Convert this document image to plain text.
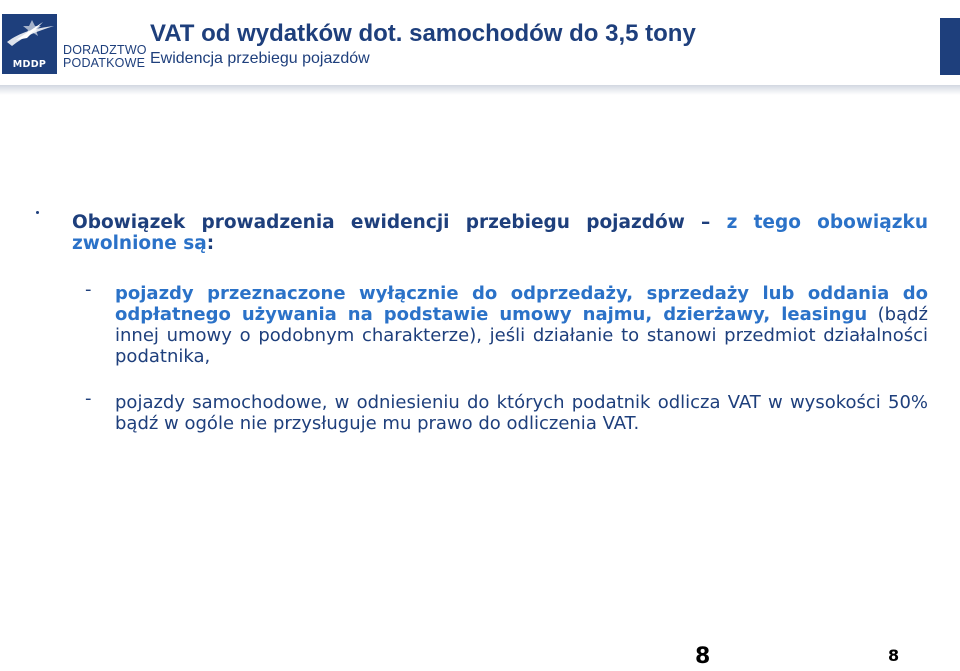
MDDP
DORADZTWO
PODATKOWE
VAT od wydatków dot. samochodów do 3,5 tony
Ewidencja przebiegu pojazdów

Obowiązek prowadzenia ewidencji przebiegu pojazdów – z tego obowiązku zwolnione są:

- pojazdy przeznaczone wyłącznie do odprzedaży, sprzedaży lub oddania do odpłatnego używania na podstawie umowy najmu, dzierżawy, leasingu (bądź innej umowy o podobnym charakterze), jeśli działanie to stanowi przedmiot działalności podatnika,

- pojazdy samochodowe, w odniesieniu do których podatnik odlicza VAT w wysokości 50% bądź w ogóle nie przysługuje mu prawo do odliczenia VAT.

8	8
